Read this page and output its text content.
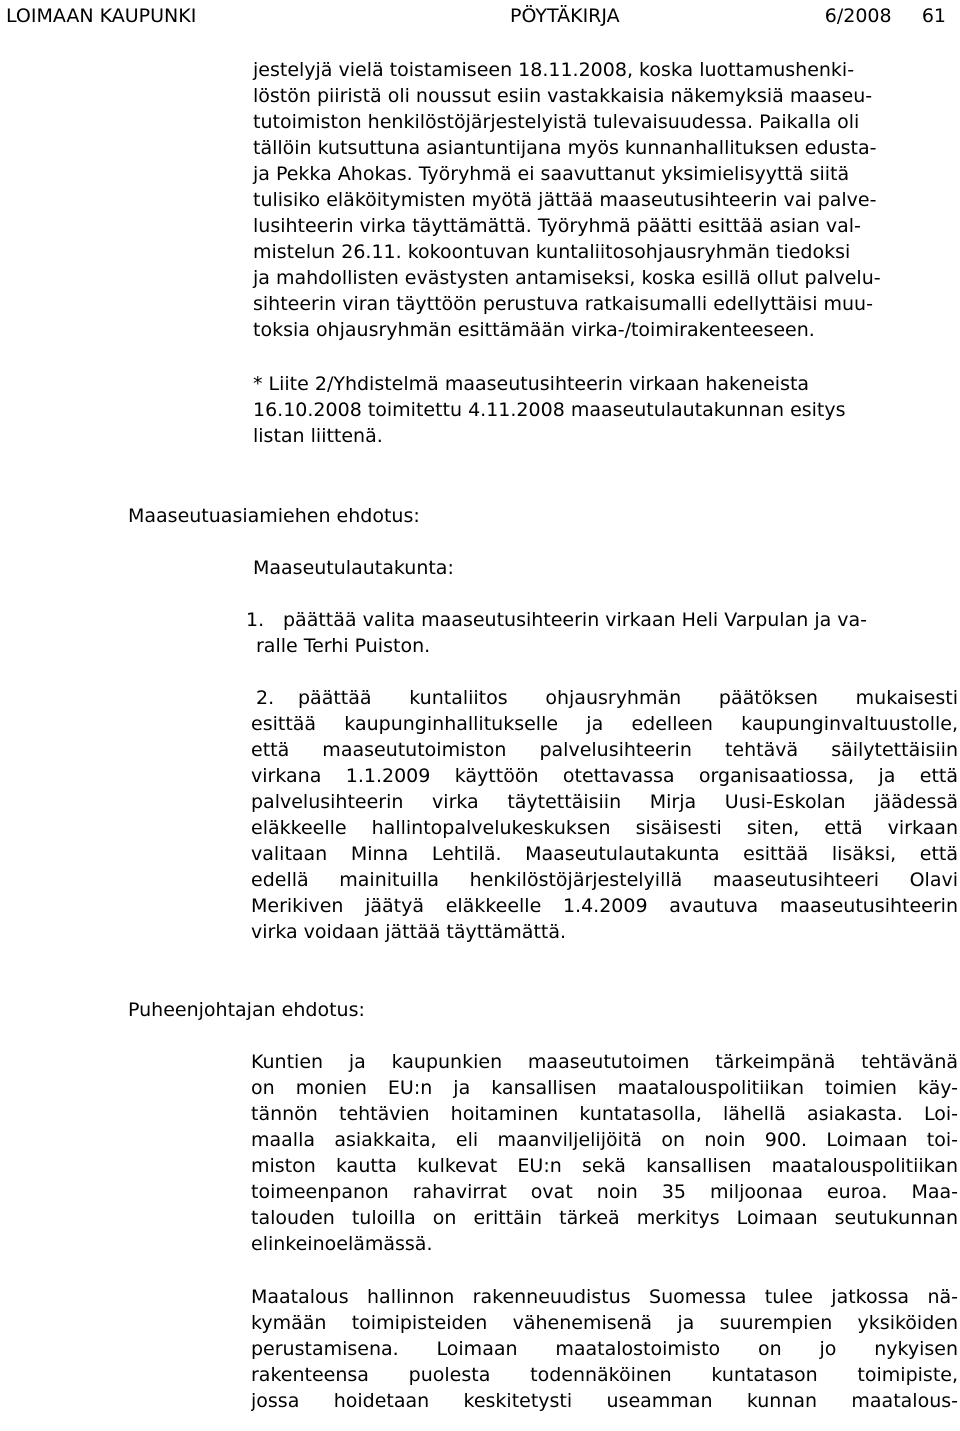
LOIMAAN KAUPUNKI	PÖYTÄKIRJA	6/2008 61
jestelyjä vielä toistamiseen 18.11.2008, koska luottamushenki-
löstön piiristä oli noussut esiin vastakkaisia näkemyksiä maaseu-
tutoimiston henkilöstöjärjestelyistä tulevaisuudessa. Paikalla oli
tällöin kutsuttuna asiantuntijana myös kunnanhallituksen edusta-
ja Pekka Ahokas. Työryhmä ei saavuttanut yksimielisyyttä siitä
tulisiko eläköitymisten myötä jättää maaseutusihteerin vai palve-
lusihteerin virka täyttämättä. Työryhmä päätti esittää asian val-
mistelun 26.11. kokoontuvan kuntaliitosohjausryhmän tiedoksi
ja mahdollisten evästysten antamiseksi, koska esillä ollut palvelu-
sihteerin viran täyttöön perustuva ratkaisumalli edellyttäisi muu-
toksia ohjausryhmän esittämään virka-/toimirakenteeseen.
* Liite 2/Yhdistelmä maaseutusihteerin virkaan hakeneista
16.10.2008 toimitettu 4.11.2008 maaseutulautakunnan esitys
listan liittenä.
Maaseutuasiamiehen ehdotus:
Maaseutulautakunta:
1. päättää valita maaseutusihteerin virkaan Heli Varpulan ja va-
ralle Terhi Puiston.
2. päättää kuntaliitos ohjausryhmän päätöksen mukaisesti
esittää kaupunginhallitukselle ja edelleen kaupunginvaltuustolle,
että maaseututoimiston palvelusihteerin tehtävä säilytettäisiin
virkana 1.1.2009 käyttöön otettavassa organisaatiossa, ja että
palvelusihteerin virka täytettäisiin Mirja Uusi-Eskolan jäädessä
eläkkeelle hallintopalvelukeskuksen sisäisesti siten, että virkaan
valitaan Minna Lehtilä. Maaseutulautakunta esittää lisäksi, että
edellä mainituilla henkilöstöjärjestelyillä maaseutusihteeri Olavi
Merikiven jäätyä eläkkeelle 1.4.2009 avautuva maaseutusihteerin
virka voidaan jättää täyttämättä.
Puheenjohtajan ehdotus:
Kuntien ja kaupunkien maaseututoimen tärkeimpänä tehtävänä
on monien EU:n ja kansallisen maatalouspolitiikan toimien käy-
tännön tehtävien hoitaminen kuntatasolla, lähellä asiakasta. Loi-
maalla asiakkaita, eli maanviljelijöitä on noin 900. Loimaan toi-
miston kautta kulkevat EU:n sekä kansallisen maatalouspolitiikan
toimeenpanon rahavirrat ovat noin 35 miljoonaa euroa. Maa-
talouden tuloilla on erittäin tärkeä merkitys Loimaan seutukunnan
elinkeinoelämässä.
Maatalous hallinnon rakenneuudistus Suomessa tulee jatkossa nä-
kymään toimipisteiden vähenemisenä ja suurempien yksiköiden
perustamisena. Loimaan maatalostoimisto on jo nykyisen
rakenteensa puolesta todennäköinen kuntatason toimipiste,
jossa hoidetaan keskitetysti useamman kunnan maatalous-
